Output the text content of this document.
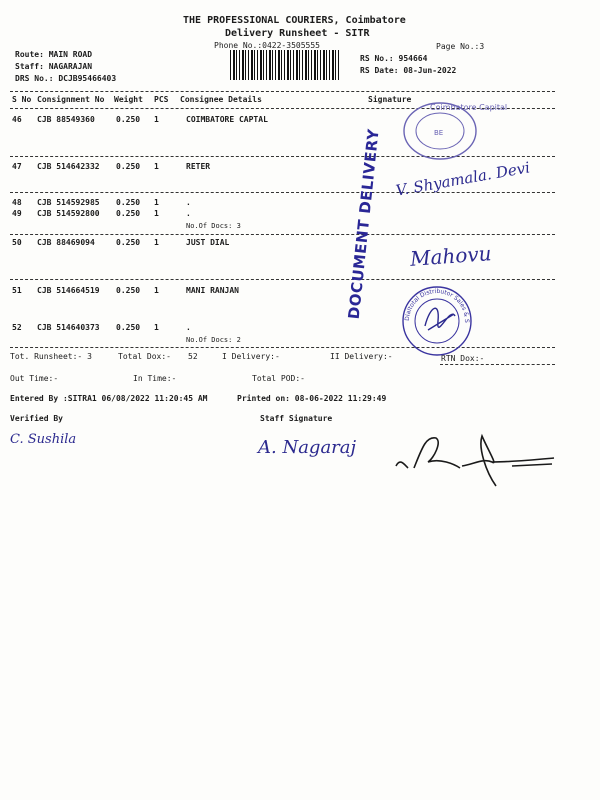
THE PROFESSIONAL COURIERS, Coimbatore
Delivery Runsheet - SITR
Phone No.:0422-3505555	Page No.:3
Route: MAIN ROAD
Staff: NAGARAJAN
DRS No.: DCJB95466403
RS No.: 954664
RS Date: 08-Jun-2022
S No Consignment No Weight PCS Consignee Details	Signature
46 CJB 88549360	0.250 1	COIMBATORE CAPTAL
47 CJB 514642332 0.250 1	RETER
48 CJB 514592985 0.250 1	.
49 CJB 514592800 0.250 1	.
No.Of Docs: 3
50 CJB 88469094	0.250 1	JUST DIAL
51 CJB 514664519 0.250 1	MANI RANJAN
52 CJB 514640373 0.250 1	.
No.Of Docs: 2
Tot. Runsheet:- 3	Total Dox:- 52	I Delivery:-	II Delivery:-	RTN Dox:-
Out Time:-	In Time:-	Total POD:-
Entered By :SITRA1 06/08/2022 11:20:45 AM	Printed on: 08-06-2022 11:29:49
Verified By	Staff Signature
DOCUMENT DELIVERY
Coimbatore Capital
BE
Dialtotal Distributor Sales & S
V. Shyamala. Devi
Mahovu
C. Sushila	A. Nagaraj
